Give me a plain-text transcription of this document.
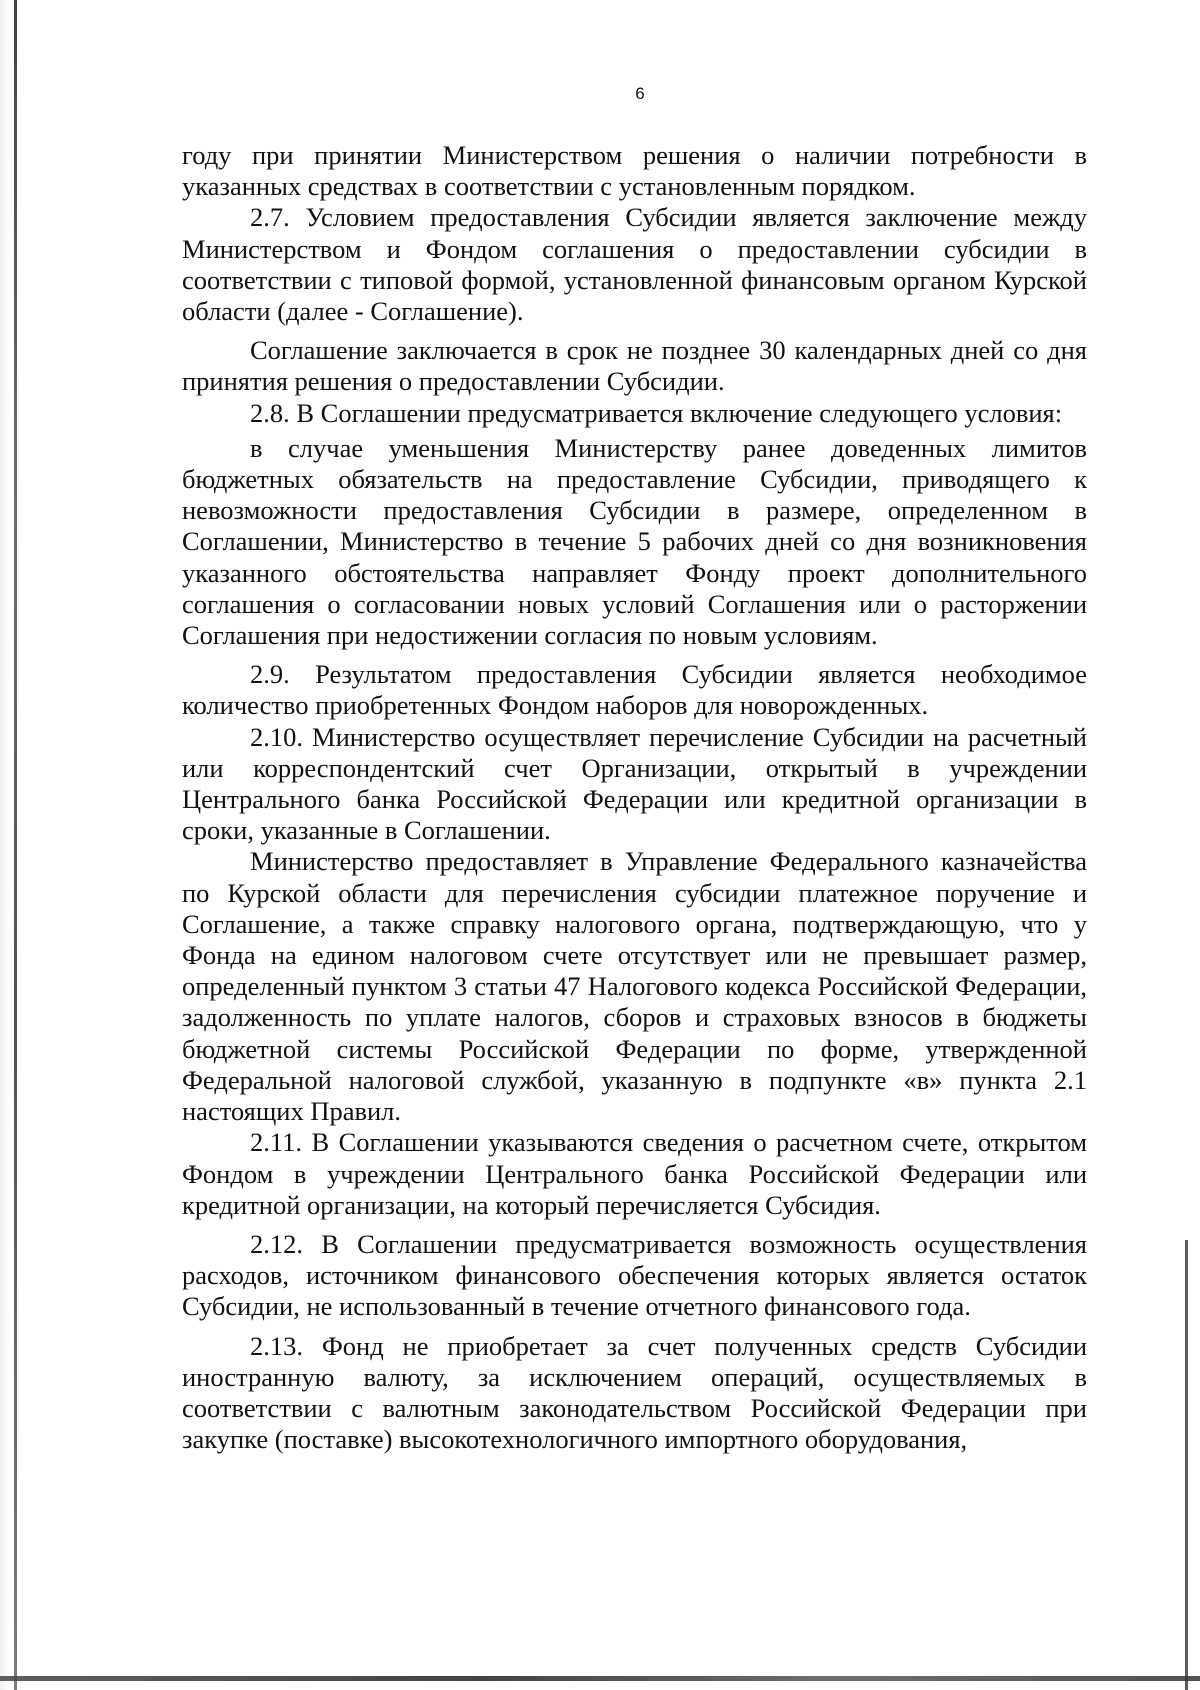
6

году при принятии Министерством решения о наличии потребности в указанных средствах в соответствии с установленным порядком.

2.7. Условием предоставления Субсидии является заключение между Министерством и Фондом соглашения о предоставлении субсидии в соответствии с типовой формой, установленной финансовым органом Курской области (далее - Соглашение).

Соглашение заключается в срок не позднее 30 календарных дней со дня принятия решения о предоставлении Субсидии.

2.8. В Соглашении предусматривается включение следующего условия:

в случае уменьшения Министерству ранее доведенных лимитов бюджетных обязательств на предоставление Субсидии, приводящего к невозможности предоставления Субсидии в размере, определенном в Соглашении, Министерство в течение 5 рабочих дней со дня возникновения указанного обстоятельства направляет Фонду проект дополнительного соглашения о согласовании новых условий Соглашения или о расторжении Соглашения при недостижении согласия по новым условиям.

2.9. Результатом предоставления Субсидии является необходимое количество приобретенных Фондом наборов для новорожденных.

2.10. Министерство осуществляет перечисление Субсидии на расчетный или корреспондентский счет Организации, открытый в учреждении Центрального банка Российской Федерации или кредитной организации в сроки, указанные в Соглашении.

Министерство предоставляет в Управление Федерального казначейства по Курской области для перечисления субсидии платежное поручение и Соглашение, а также справку налогового органа, подтверждающую, что у Фонда на едином налоговом счете отсутствует или не превышает размер, определенный пунктом 3 статьи 47 Налогового кодекса Российской Федерации, задолженность по уплате налогов, сборов и страховых взносов в бюджеты бюджетной системы Российской Федерации по форме, утвержденной Федеральной налоговой службой, указанную в подпункте «в» пункта 2.1 настоящих Правил.

2.11. В Соглашении указываются сведения о расчетном счете, открытом Фондом в учреждении Центрального банка Российской Федерации или кредитной организации, на который перечисляется Субсидия.

2.12. В Соглашении предусматривается возможность осуществления расходов, источником финансового обеспечения которых является остаток Субсидии, не использованный в течение отчетного финансового года.

2.13. Фонд не приобретает за счет полученных средств Субсидии иностранную валюту, за исключением операций, осуществляемых в соответствии с валютным законодательством Российской Федерации при закупке (поставке) высокотехнологичного импортного оборудования,
